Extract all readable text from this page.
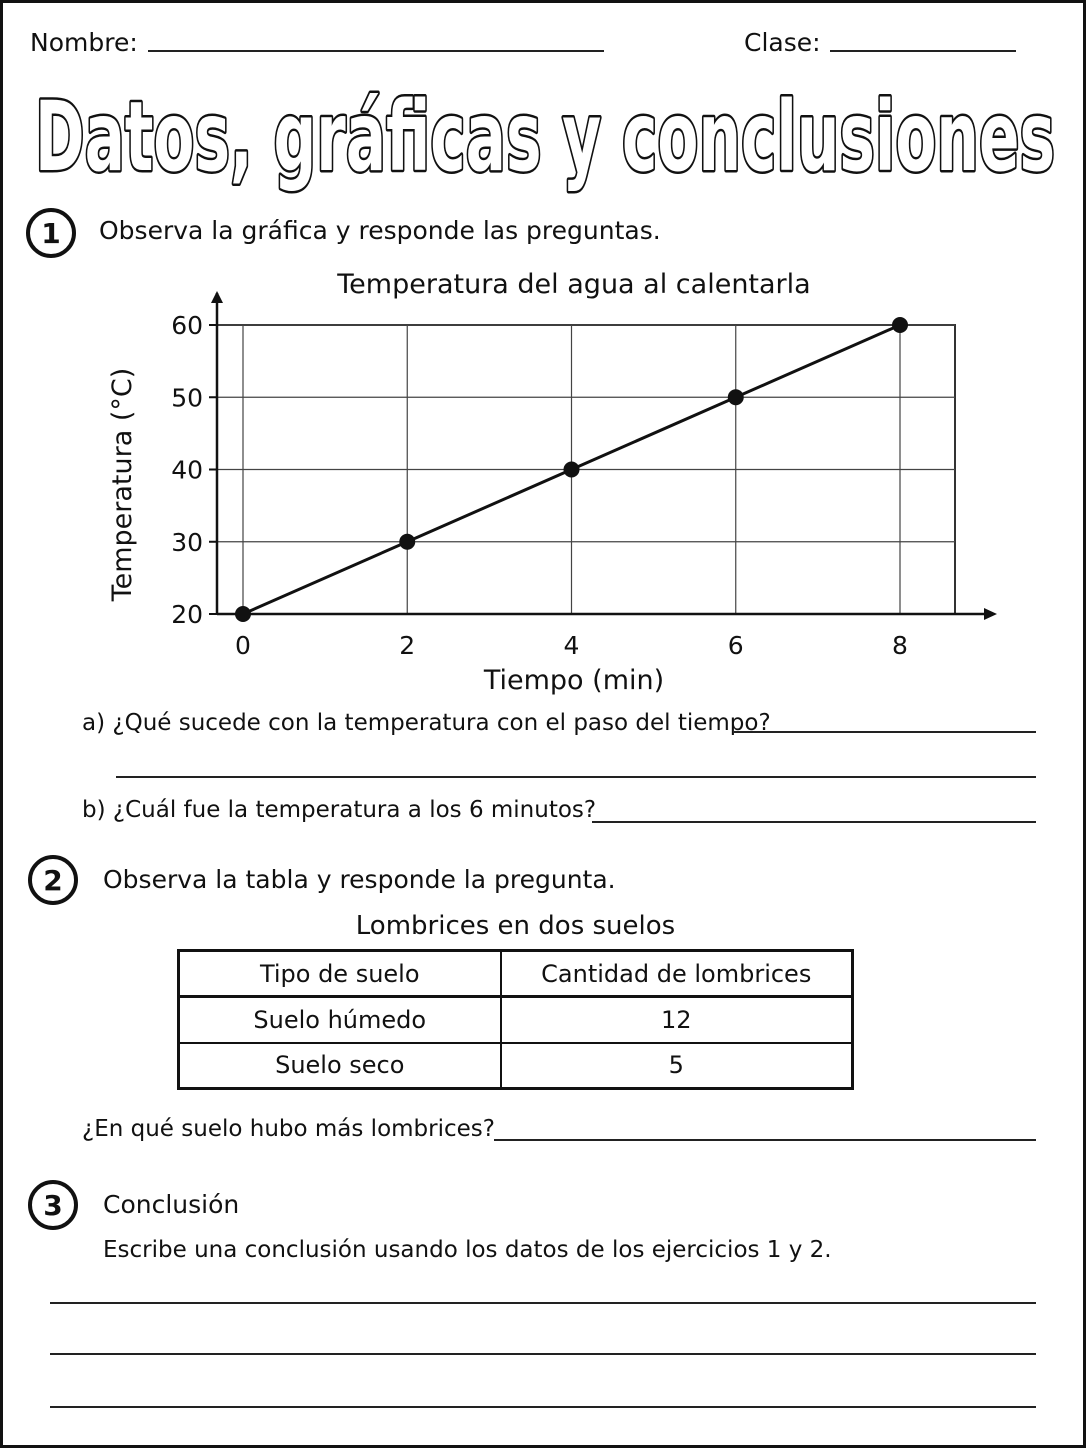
Nombre:	Clase:
Datos, gráficas y conclusiones
1	Observa la gráfica y responde las preguntas.
20
30
40
50
60
0	2	4	6	8
Temperatura del agua al calentarla
Tiempo (min)
Temperatura (°C)
a) ¿Qué sucede con la temperatura con el paso del tiempo?
b) ¿Cuál fue la temperatura a los 6 minutos?
2	Observa la tabla y responde la pregunta.
Lombrices en dos suelos
Tipo de suelo	Cantidad de lombrices
Suelo húmedo	12
Suelo seco	5
¿En qué suelo hubo más lombrices?
3	Conclusión
Escribe una conclusión usando los datos de los ejercicios 1 y 2.
